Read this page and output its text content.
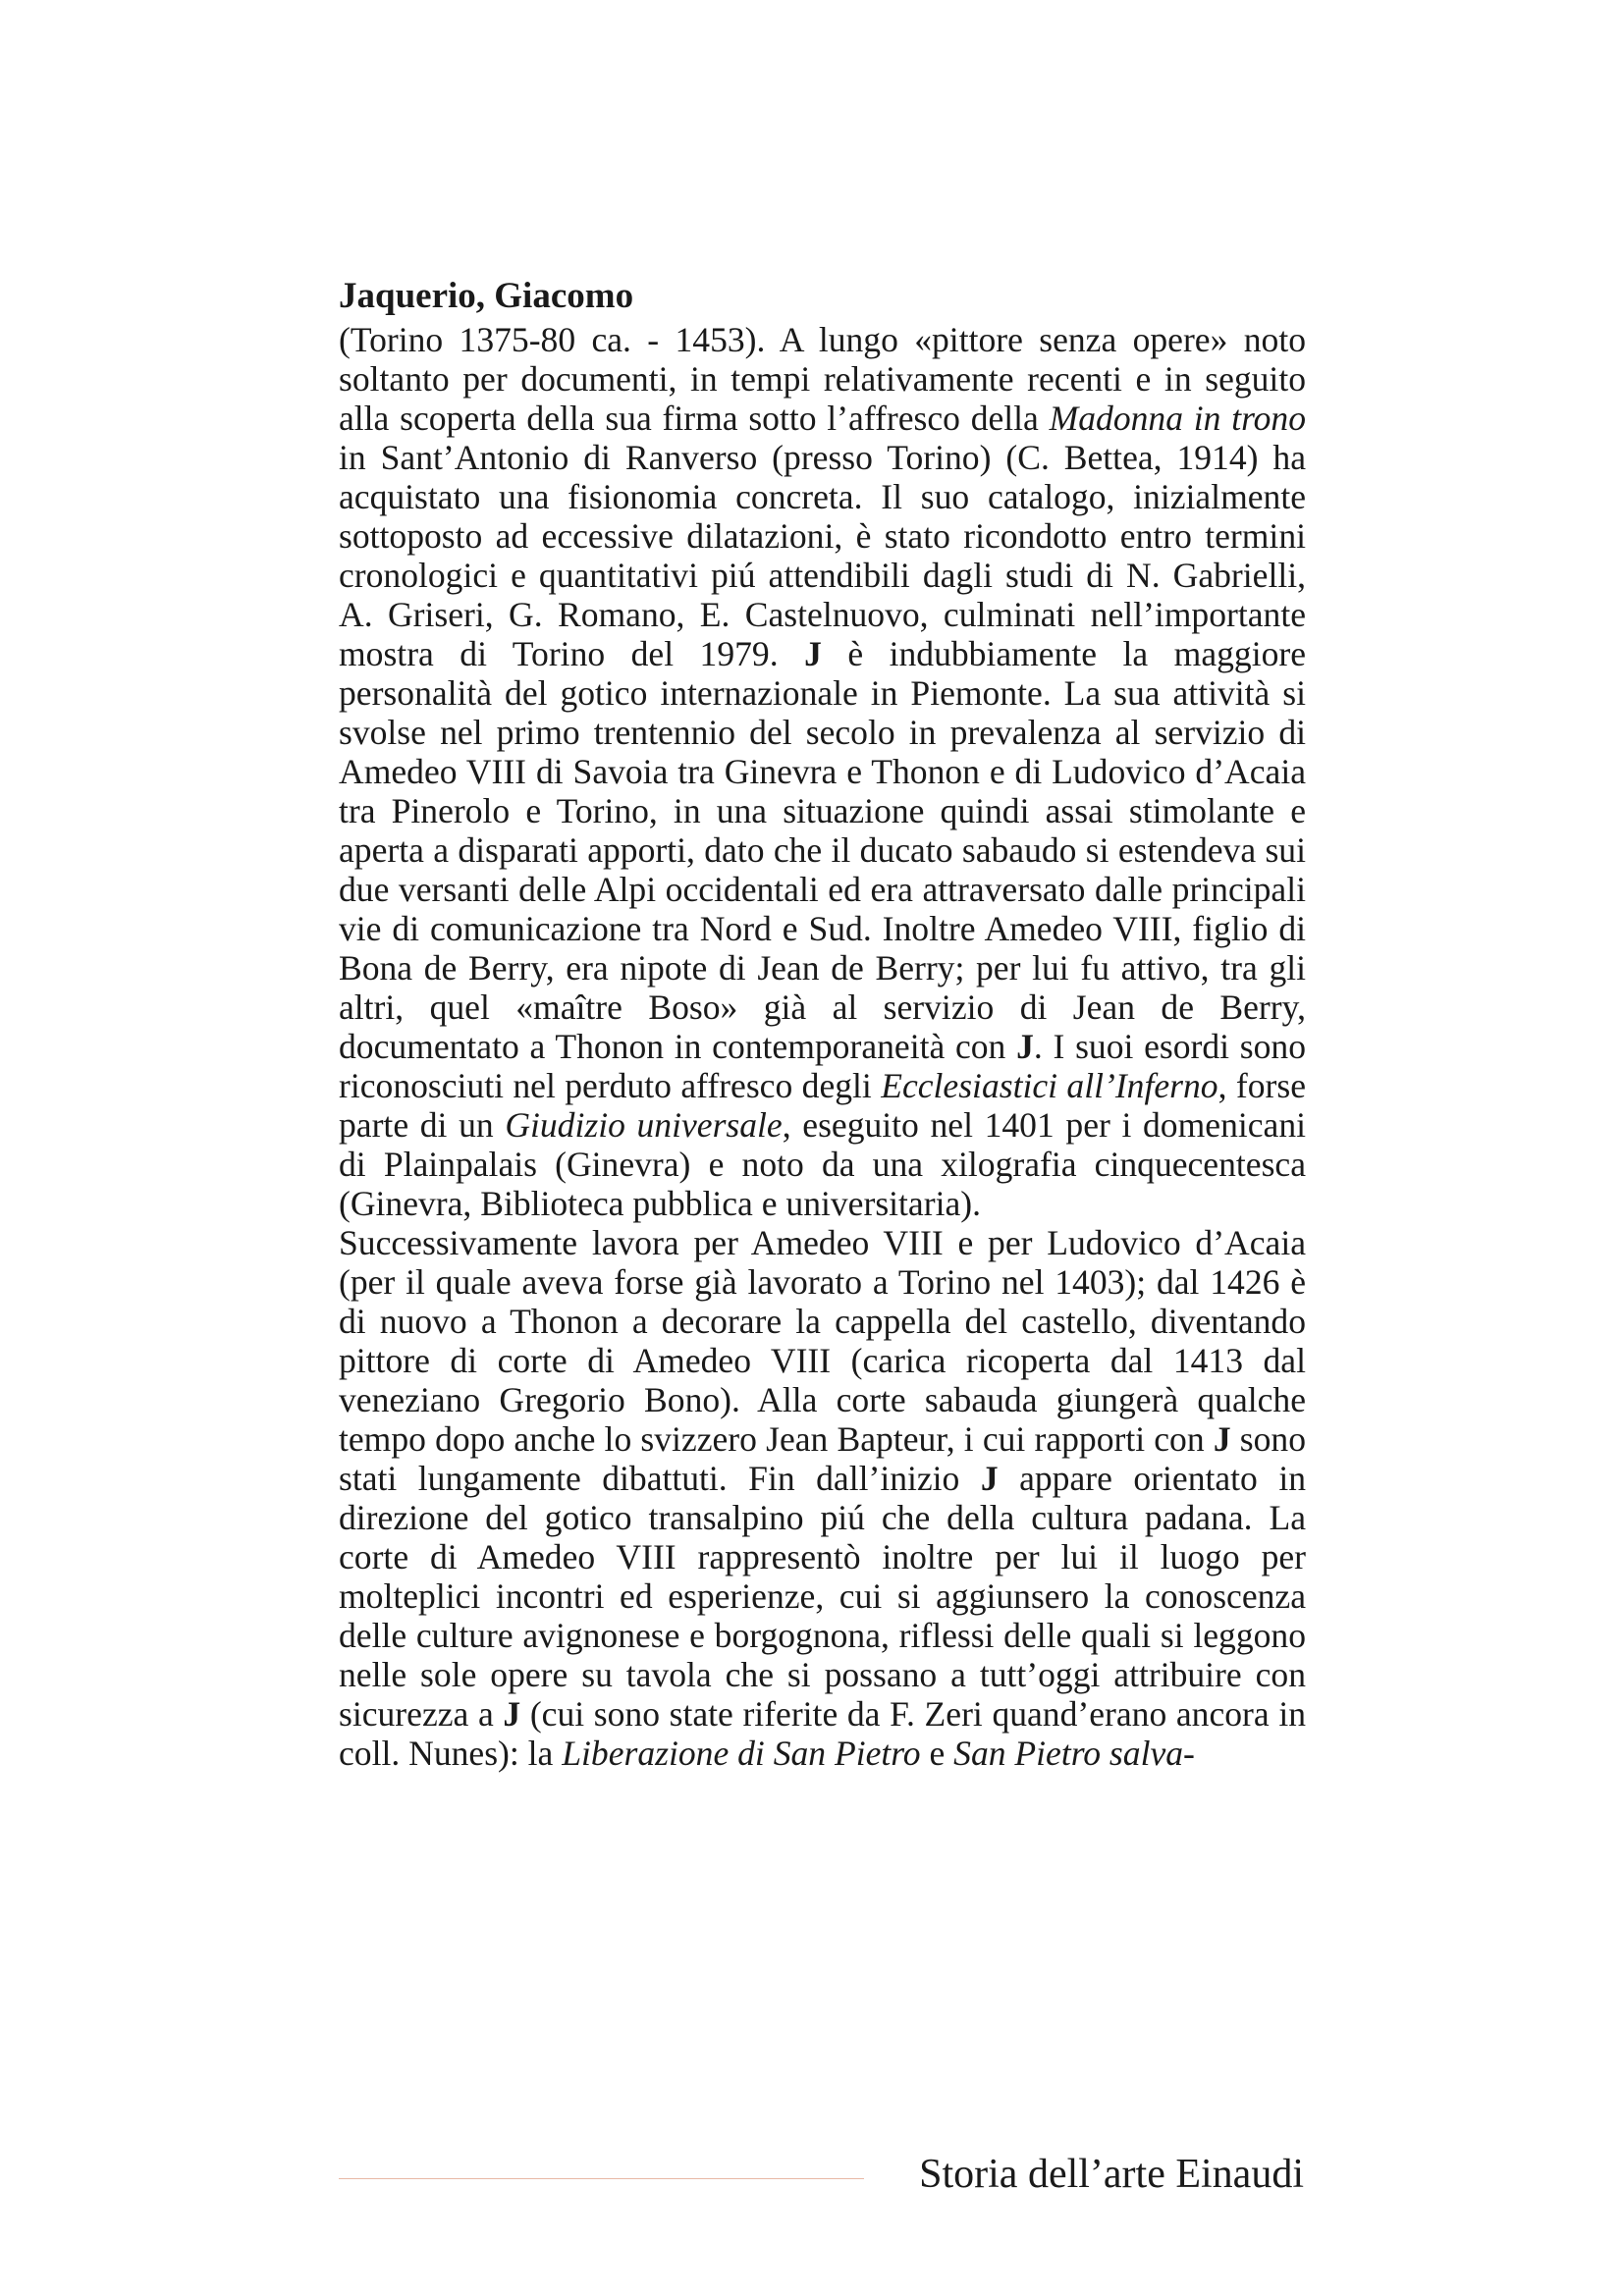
Jaquerio, Giacomo

(Torino 1375-80 ca. - 1453). A lungo «pittore senza opere» noto soltanto per documenti, in tempi relativamente recenti e in seguito alla scoperta della sua firma sotto l’affresco della Madonna in trono in Sant’Antonio di Ranverso (presso Torino) (C. Bettea, 1914) ha acquistato una fisionomia concreta. Il suo catalogo, inizialmente sottoposto ad eccessive dilatazioni, è stato ricondotto entro termini cronologici e quantitativi piú attendibili dagli studi di N. Gabrielli, A. Griseri, G. Romano, E. Castelnuovo, culminati nell’importante mostra di Torino del 1979. J è indubbiamente la maggiore personalità del gotico internazionale in Piemonte. La sua attività si svolse nel primo trentennio del secolo in prevalenza al servizio di Amedeo VIII di Savoia tra Ginevra e Thonon e di Ludovico d’Acaia tra Pinerolo e Torino, in una situazione quindi assai stimolante e aperta a disparati apporti, dato che il ducato sabaudo si estendeva sui due versanti delle Alpi occidentali ed era attraversato dalle principali vie di comunicazione tra Nord e Sud. Inoltre Amedeo VIII, figlio di Bona de Berry, era nipote di Jean de Berry; per lui fu attivo, tra gli altri, quel «maître Boso» già al servizio di Jean de Berry, documentato a Thonon in contemporaneità con J. I suoi esordi sono riconosciuti nel perduto affresco degli Ecclesiastici all’Inferno, forse parte di un Giudizio universale, eseguito nel 1401 per i domenicani di Plainpalais (Ginevra) e noto da una xilografia cinquecentesca (Ginevra, Biblioteca pubblica e universitaria).

Successivamente lavora per Amedeo VIII e per Ludovico d’Acaia (per il quale aveva forse già lavorato a Torino nel 1403); dal 1426 è di nuovo a Thonon a decorare la cappella del castello, diventando pittore di corte di Amedeo VIII (carica ricoperta dal 1413 dal veneziano Gregorio Bono). Alla corte sabauda giungerà qualche tempo dopo anche lo svizzero Jean Bapteur, i cui rapporti con J sono stati lungamente dibattuti. Fin dall’inizio J appare orientato in direzione del gotico transalpino piú che della cultura padana. La corte di Amedeo VIII rappresentò inoltre per lui il luogo per molteplici incontri ed esperienze, cui si aggiunsero la conoscenza delle culture avignonese e borgognona, riflessi delle quali si leggono nelle sole opere su tavola che si possano a tutt’oggi attribuire con sicurezza a J (cui sono state riferite da F. Zeri quand’erano ancora in coll. Nunes): la Liberazione di San Pietro e San Pietro salva-

Storia dell’arte Einaudi
